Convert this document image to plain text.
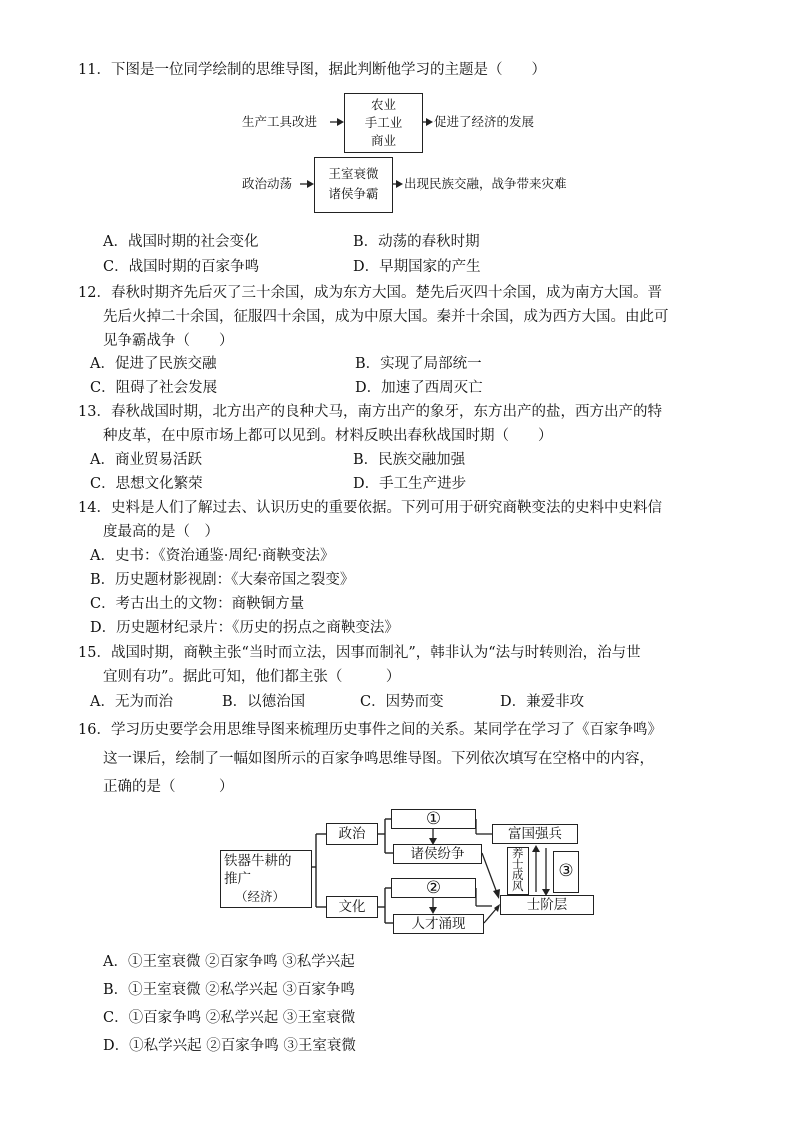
11．下图是一位同学绘制的思维导图，据此判断他学习的主题是（　　）
生产工具改进
农业
手工业
商业
促进了经济的发展
政治动荡
王室衰微
诸侯争霸
出现民族交融，战争带来灾难
A．战国时期的社会变化	B．动荡的春秋时期
C．战国时期的百家争鸣	D．早期国家的产生
12．春秋时期齐先后灭了三十余国，成为东方大国。楚先后灭四十余国，成为南方大国。晋
先后火掉二十余国，征服四十余国，成为中原大国。秦并十余国，成为西方大国。由此可
见争霸战争（　　）
A．促进了民族交融	B．实现了局部统一
C．阻碍了社会发展	D．加速了西周灭亡
13．春秋战国时期，北方出产的良种犬马，南方出产的象牙，东方出产的盐，西方出产的特
种皮革，在中原市场上都可以见到。材料反映出春秋战国时期（　　）
A．商业贸易活跃	B．民族交融加强
C．思想文化繁荣	D．手工生产进步
14．史料是人们了解过去、认识历史的重要依据。下列可用于研究商鞅变法的史料中史料信
度最高的是（　）
A．史书：《资治通鉴·周纪·商鞅变法》
B．历史题材影视剧：《大秦帝国之裂变》
C．考古出土的文物：商鞅铜方量
D．历史题材纪录片：《历史的拐点之商鞅变法》
15．战国时期，商鞅主张“当时而立法，因事而制礼”，韩非认为“法与时转则治，治与世
宜则有功”。据此可知，他们都主张（　　　）
A．无为而治	B．以德治国	C．因势而变	D．兼爱非攻
16．学习历史要学会用思维导图来梳理历史事件之间的关系。某同学在学习了《百家争鸣》
这一课后，绘制了一幅如图所示的百家争鸣思维导图。下列依次填写在空格中的内容，
正确的是（　　　）
铁器牛耕的
推广
（经济）
政治
文化
①
诸侯纷争
②
人才涌现
富国强兵
养
士
成
风
③
士阶层
A．①王室衰微 ②百家争鸣 ③私学兴起
B．①王室衰微 ②私学兴起 ③百家争鸣
C．①百家争鸣 ②私学兴起 ③王室衰微
D．①私学兴起 ②百家争鸣 ③王室衰微
